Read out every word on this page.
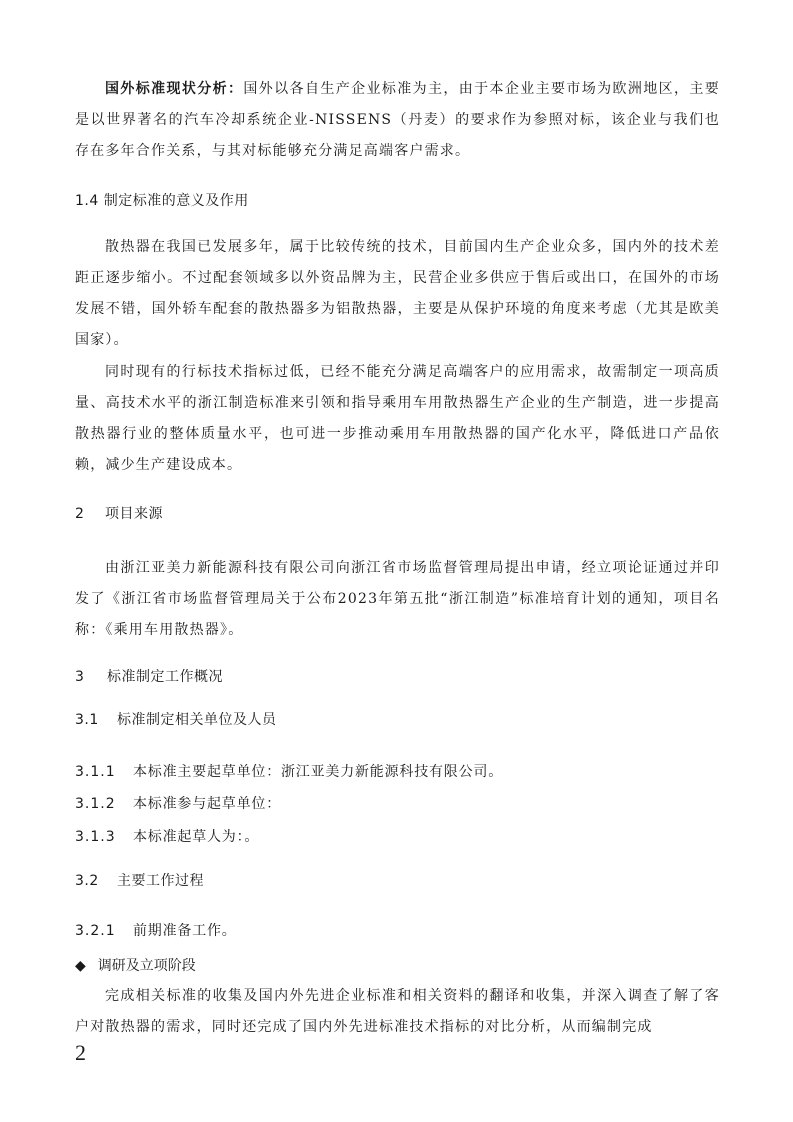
国外标准现状分析：国外以各自生产企业标准为主，由于本企业主要市场为欧洲地区，主要是以世界著名的汽车冷却系统企业-NISSENS（丹麦）的要求作为参照对标，该企业与我们也存在多年合作关系，与其对标能够充分满足高端客户需求。

1.4 制定标准的意义及作用

散热器在我国已发展多年，属于比较传统的技术，目前国内生产企业众多，国内外的技术差距正逐步缩小。不过配套领域多以外资品牌为主，民营企业多供应于售后或出口，在国外的市场发展不错，国外轿车配套的散热器多为铝散热器，主要是从保护环境的角度来考虑（尤其是欧美国家）。

同时现有的行标技术指标过低，已经不能充分满足高端客户的应用需求，故需制定一项高质量、高技术水平的浙江制造标准来引领和指导乘用车用散热器生产企业的生产制造，进一步提高散热器行业的整体质量水平，也可进一步推动乘用车用散热器的国产化水平，降低进口产品依赖，减少生产建设成本。

2 项目来源

由浙江亚美力新能源科技有限公司向浙江省市场监督管理局提出申请，经立项论证通过并印发了《浙江省市场监督管理局关于公布2023年第五批“浙江制造”标准培育计划的通知，项目名称：《乘用车用散热器》。

3 标准制定工作概况

3.1 标准制定相关单位及人员

3.1.1 本标准主要起草单位：浙江亚美力新能源科技有限公司。

3.1.2 本标准参与起草单位：

3.1.3 本标准起草人为：。

3.2 主要工作过程

3.2.1 前期准备工作。

◆ 调研及立项阶段

完成相关标准的收集及国内外先进企业标准和相关资料的翻译和收集，并深入调查了解了客户对散热器的需求，同时还完成了国内外先进标准技术指标的对比分析，从而编制完成

2
